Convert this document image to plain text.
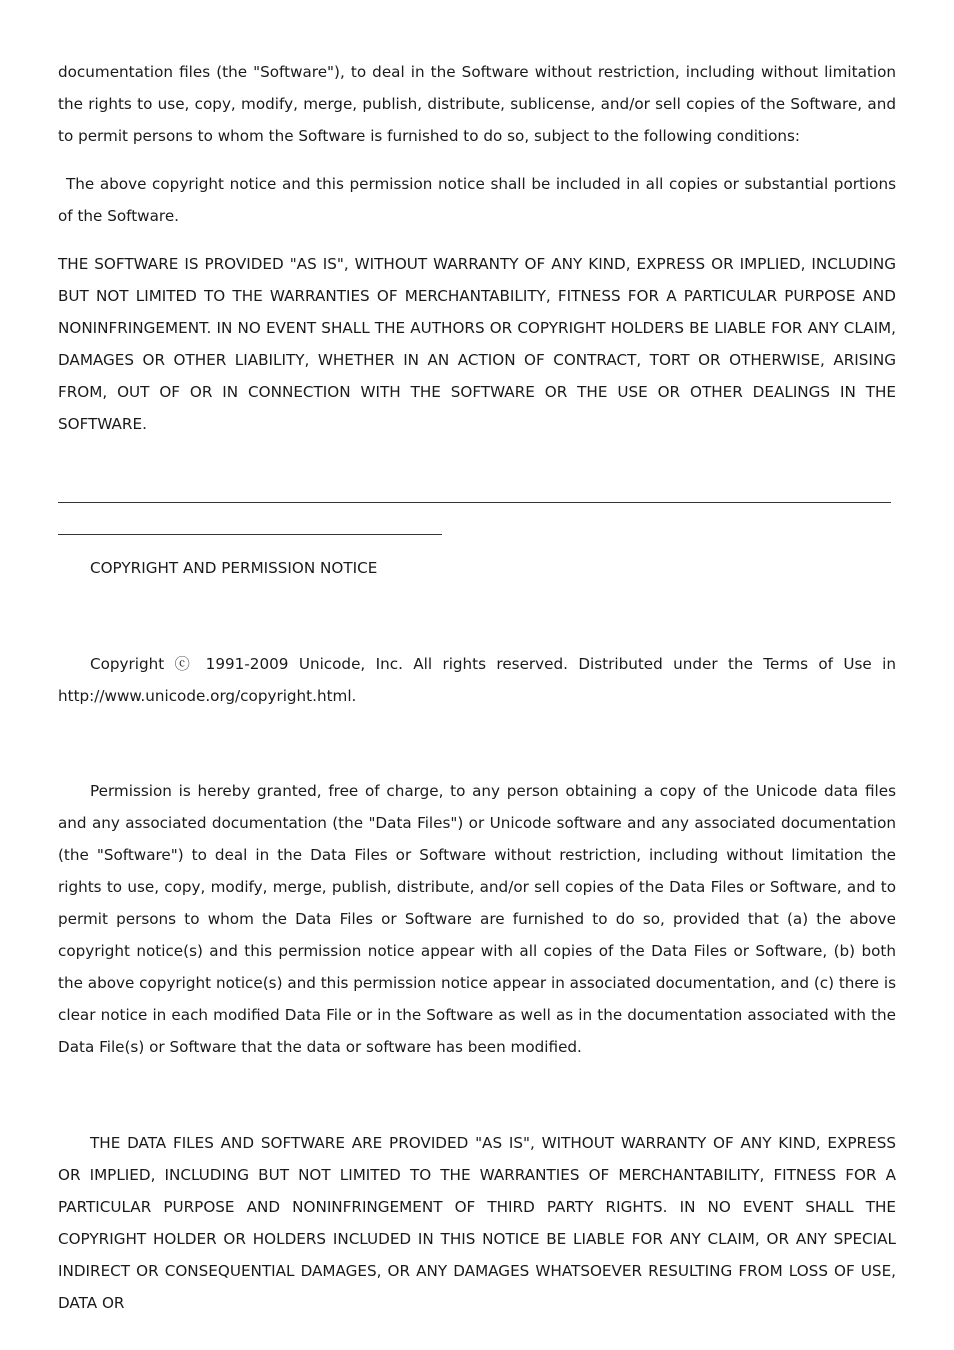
documentation files (the "Software"), to deal in the Software without restriction, including without limitation the rights to use, copy, modify, merge, publish, distribute, sublicense, and/or sell copies of the Software, and to permit persons to whom the Software is furnished to do so, subject to the following conditions:

The above copyright notice and this permission notice shall be included in all copies or substantial portions of the Software.

THE SOFTWARE IS PROVIDED "AS IS", WITHOUT WARRANTY OF ANY KIND, EXPRESS OR IMPLIED, INCLUDING BUT NOT LIMITED TO THE WARRANTIES OF MERCHANTABILITY, FITNESS FOR A PARTICULAR PURPOSE AND NONINFRINGEMENT. IN NO EVENT SHALL THE AUTHORS OR COPYRIGHT HOLDERS BE LIABLE FOR ANY CLAIM, DAMAGES OR OTHER LIABILITY, WHETHER IN AN ACTION OF CONTRACT, TORT OR OTHERWISE, ARISING FROM, OUT OF OR IN CONNECTION WITH THE SOFTWARE OR THE USE OR OTHER DEALINGS IN THE SOFTWARE.

COPYRIGHT AND PERMISSION NOTICE

Copyright ⓒ 1991-2009 Unicode, Inc. All rights reserved. Distributed under the Terms of Use in http://www.unicode.org/copyright.html.

Permission is hereby granted, free of charge, to any person obtaining a copy of the Unicode data files and any associated documentation (the "Data Files") or Unicode software and any associated documentation (the "Software") to deal in the Data Files or Software without restriction, including without limitation the rights to use, copy, modify, merge, publish, distribute, and/or sell copies of the Data Files or Software, and to permit persons to whom the Data Files or Software are furnished to do so, provided that (a) the above copyright notice(s) and this permission notice appear with all copies of the Data Files or Software, (b) both the above copyright notice(s) and this permission notice appear in associated documentation, and (c) there is clear notice in each modified Data File or in the Software as well as in the documentation associated with the Data File(s) or Software that the data or software has been modified.

THE DATA FILES AND SOFTWARE ARE PROVIDED "AS IS", WITHOUT WARRANTY OF ANY KIND, EXPRESS OR IMPLIED, INCLUDING BUT NOT LIMITED TO THE WARRANTIES OF MERCHANTABILITY, FITNESS FOR A PARTICULAR PURPOSE AND NONINFRINGEMENT OF THIRD PARTY RIGHTS. IN NO EVENT SHALL THE COPYRIGHT HOLDER OR HOLDERS INCLUDED IN THIS NOTICE BE LIABLE FOR ANY CLAIM, OR ANY SPECIAL INDIRECT OR CONSEQUENTIAL DAMAGES, OR ANY DAMAGES WHATSOEVER RESULTING FROM LOSS OF USE, DATA OR
